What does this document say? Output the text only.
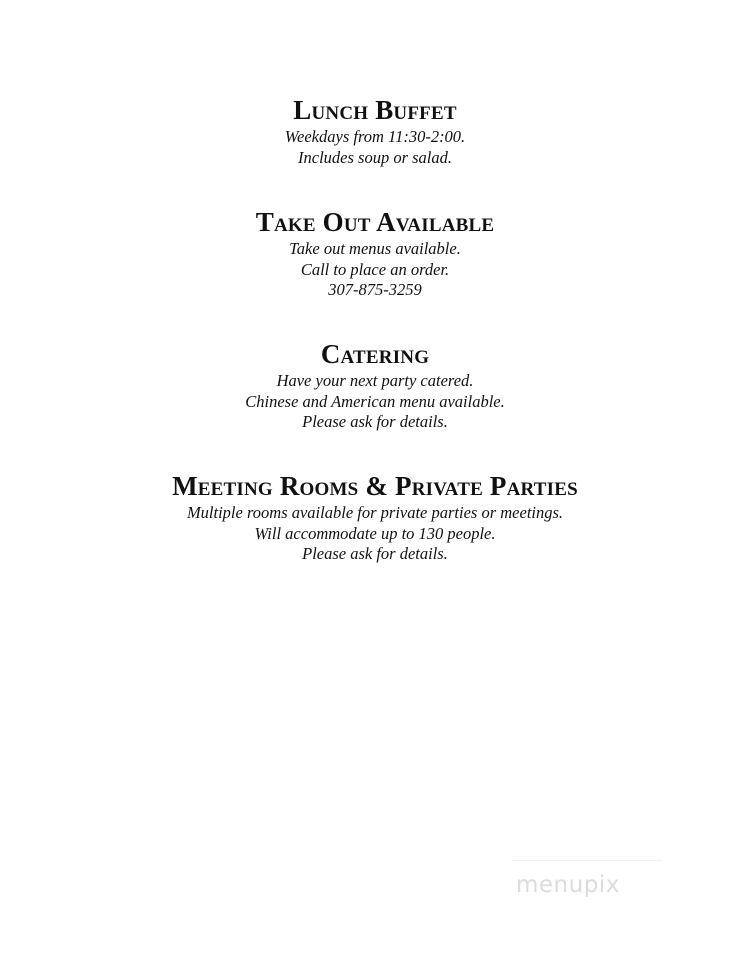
Lunch Buffet
Weekdays from 11:30-2:00.
Includes soup or salad.
Take Out Available
Take out menus available.
Call to place an order.
307-875-3259
Catering
Have your next party catered.
Chinese and American menu available.
Please ask for details.
Meeting Rooms & Private Parties
Multiple rooms available for private parties or meetings.
Will accommodate up to 130 people.
Please ask for details.
menupix
